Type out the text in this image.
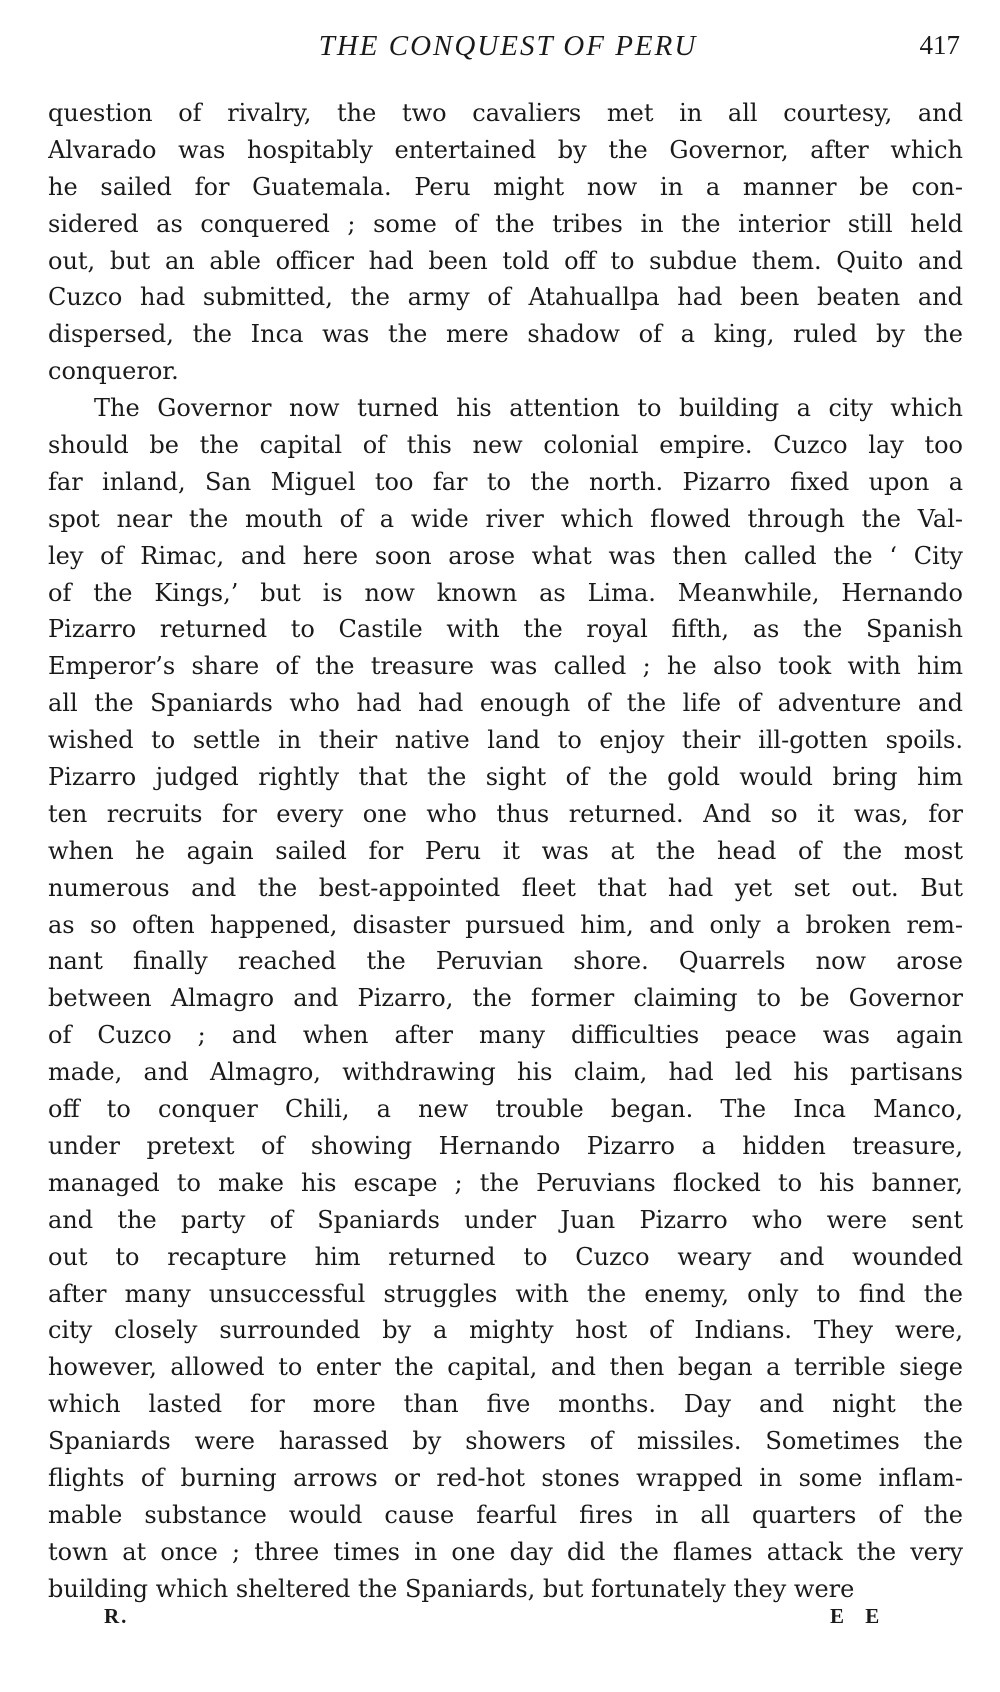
THE CONQUEST OF PERU	417
question of rivalry, the two cavaliers met in all courtesy, and
Alvarado was hospitably entertained by the Governor, after which
he sailed for Guatemala. Peru might now in a manner be con-
sidered as conquered ; some of the tribes in the interior still held
out, but an able officer had been told off to subdue them. Quito and
Cuzco had submitted, the army of Atahuallpa had been beaten and
dispersed, the Inca was the mere shadow of a king, ruled by the
conqueror.
The Governor now turned his attention to building a city which
should be the capital of this new colonial empire. Cuzco lay too
far inland, San Miguel too far to the north. Pizarro fixed upon a
spot near the mouth of a wide river which flowed through the Val-
ley of Rimac, and here soon arose what was then called the ‘ City
of the Kings,’ but is now known as Lima. Meanwhile, Hernando
Pizarro returned to Castile with the royal fifth, as the Spanish
Emperor’s share of the treasure was called ; he also took with him
all the Spaniards who had had enough of the life of adventure and
wished to settle in their native land to enjoy their ill-gotten spoils.
Pizarro judged rightly that the sight of the gold would bring him
ten recruits for every one who thus returned. And so it was, for
when he again sailed for Peru it was at the head of the most
numerous and the best-appointed fleet that had yet set out. But
as so often happened, disaster pursued him, and only a broken rem-
nant finally reached the Peruvian shore. Quarrels now arose
between Almagro and Pizarro, the former claiming to be Governor
of Cuzco ; and when after many difficulties peace was again
made, and Almagro, withdrawing his claim, had led his partisans
off to conquer Chili, a new trouble began. The Inca Manco,
under pretext of showing Hernando Pizarro a hidden treasure,
managed to make his escape ; the Peruvians flocked to his banner,
and the party of Spaniards under Juan Pizarro who were sent
out to recapture him returned to Cuzco weary and wounded
after many unsuccessful struggles with the enemy, only to find the
city closely surrounded by a mighty host of Indians. They were,
however, allowed to enter the capital, and then began a terrible siege
which lasted for more than five months. Day and night the
Spaniards were harassed by showers of missiles. Sometimes the
flights of burning arrows or red-hot stones wrapped in some inflam-
mable substance would cause fearful fires in all quarters of the
town at once ; three times in one day did the flames attack the very
building which sheltered the Spaniards, but fortunately they were
R.	E E
